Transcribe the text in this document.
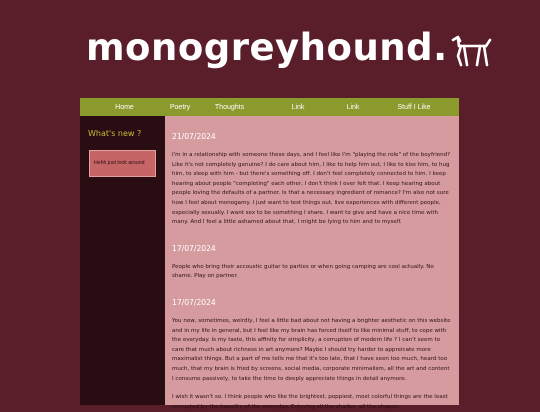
monogreyhound.
Home	Poetry	Thoughts	Link	Link	Stuff I Like
What's new ?
Hehh just look around
21/07/2024

I'm in a relationship with someone these days, and I feel like I'm "playing the role" of the boyfriend? Like it's not completely genuine? I do care about him, I like to help him out, I like to kiss him, to hug him, to sleep with him - but there's something off. I don't feel completely connected to him. I keep hearing about people "completing" each other, I don't think I ever felt that. I keep hearing about people loving the defaults of a partner. Is that a necessary ingredient of romance? I'm also not sure how I feel about monogamy. I just want to test things out, live experiences with different people, especially sexually. I want sex to be something I share. I want to give and have a nice time with many. And I feel a little ashamed about that, I might be lying to him and to myself.

17/07/2024

People who bring their accoustic guitar to parties or when going camping are cool actually. No shame. Play on partner.

17/07/2024

You now, sometimes, weirdly, I feel a little bad about not having a brighter aesthetic on this website and in my life in general, but I feel like my brain has forced itself to like minimal stuff, to cope with the everyday. Is my taste, this affinity for simplicity, a corruption of modern life ? I can't seem to care that much about richness in art anymore? Maybe I should try harder to appreicate more maximalist things. But a part of me tells me that it's too late, that I have seen too much, heard too much, that my brain is fried by screens, social media, corporate minimalism, all the art and content I consume passively, to take the time to deeply appreciate things in detail anymore.

I wish it wasn't so. I think people who like the brightest, poppiest, most colorful things are the least corrupted by the banality of the everyday. Enjoying all the shades, all the shapes,
